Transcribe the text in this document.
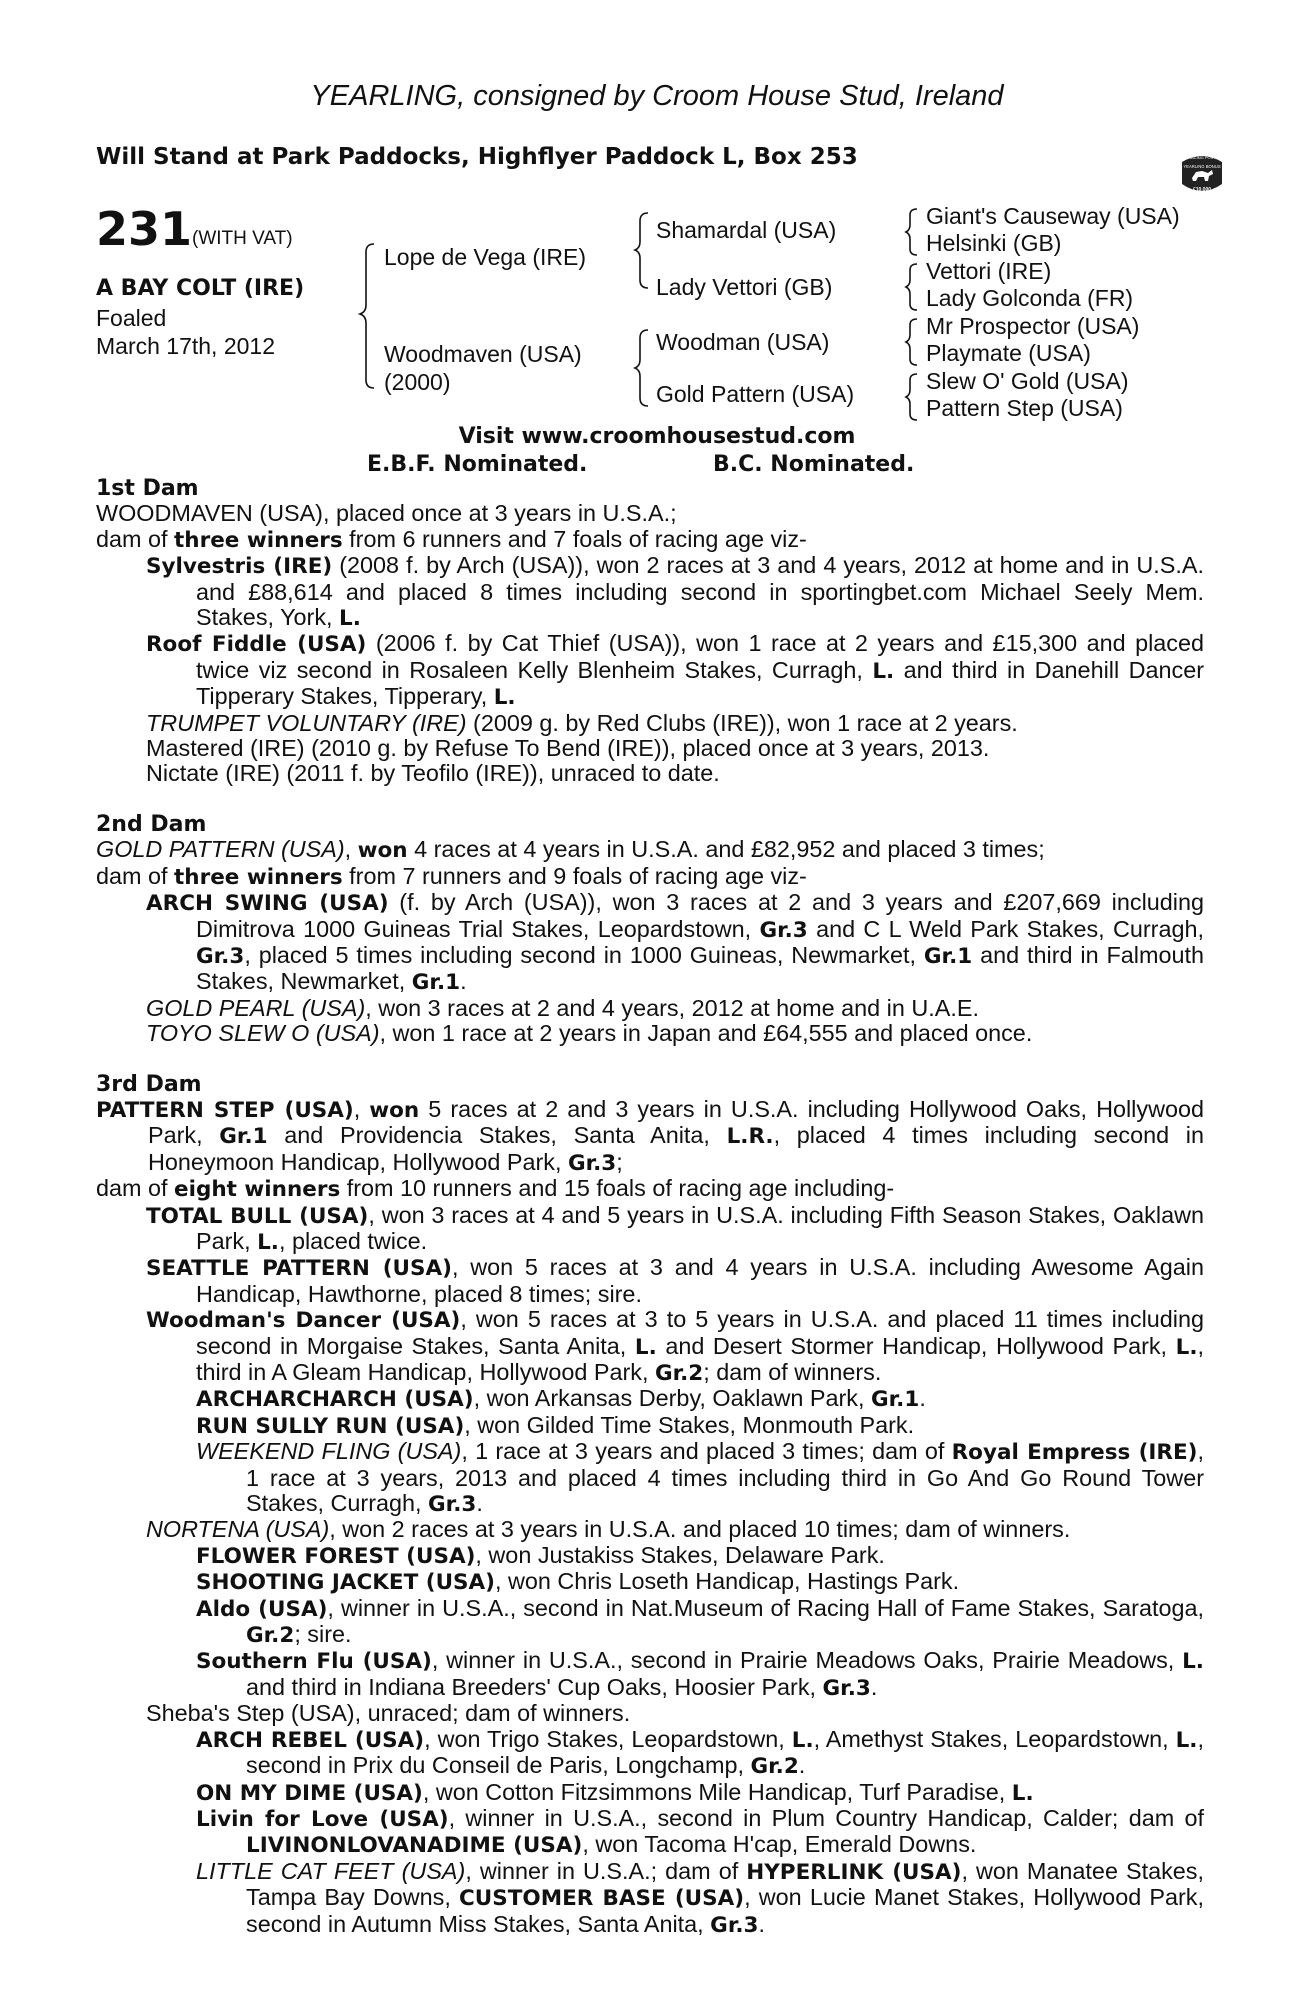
YEARLING, consigned by Croom House Stud, Ireland
Will Stand at Park Paddocks, Highflyer Paddock L, Box 253	RACING POST
YEARLING BONUS
£10,000
231 (WITH VAT)
A BAY COLT (IRE)
Foaled
March 17th, 2012
Lope de Vega (IRE)
Woodmaven (USA)
(2000)
Shamardal (USA)
Lady Vettori (GB)
Woodman (USA)
Gold Pattern (USA)
Giant's Causeway (USA)
Helsinki (GB)
Vettori (IRE)
Lady Golconda (FR)
Mr Prospector (USA)
Playmate (USA)
Slew O' Gold (USA)
Pattern Step (USA)
Visit www.croomhousestud.com
E.B.F. Nominated.	B.C. Nominated.

1st Dam

WOODMAVEN (USA), placed once at 3 years in U.S.A.;

dam of three winners from 6 runners and 7 foals of racing age viz-

Sylvestris (IRE) (2008 f. by Arch (USA)), won 2 races at 3 and 4 years, 2012 at home and in U.S.A. and £88,614 and placed 8 times including second in sportingbet.com Michael Seely Mem. Stakes, York, L.

Roof Fiddle (USA) (2006 f. by Cat Thief (USA)), won 1 race at 2 years and £15,300 and placed twice viz second in Rosaleen Kelly Blenheim Stakes, Curragh, L. and third in Danehill Dancer Tipperary Stakes, Tipperary, L.

TRUMPET VOLUNTARY (IRE) (2009 g. by Red Clubs (IRE)), won 1 race at 2 years.

Mastered (IRE) (2010 g. by Refuse To Bend (IRE)), placed once at 3 years, 2013.

Nictate (IRE) (2011 f. by Teofilo (IRE)), unraced to date.

2nd Dam

GOLD PATTERN (USA), won 4 races at 4 years in U.S.A. and £82,952 and placed 3 times;

dam of three winners from 7 runners and 9 foals of racing age viz-

ARCH SWING (USA) (f. by Arch (USA)), won 3 races at 2 and 3 years and £207,669 including Dimitrova 1000 Guineas Trial Stakes, Leopardstown, Gr.3 and C L Weld Park Stakes, Curragh, Gr.3, placed 5 times including second in 1000 Guineas, Newmarket, Gr.1 and third in Falmouth Stakes, Newmarket, Gr.1.

GOLD PEARL (USA), won 3 races at 2 and 4 years, 2012 at home and in U.A.E.

TOYO SLEW O (USA), won 1 race at 2 years in Japan and £64,555 and placed once.

3rd Dam

PATTERN STEP (USA), won 5 races at 2 and 3 years in U.S.A. including Hollywood Oaks, Hollywood Park, Gr.1 and Providencia Stakes, Santa Anita, L.R., placed 4 times including second in Honeymoon Handicap, Hollywood Park, Gr.3;

dam of eight winners from 10 runners and 15 foals of racing age including-

TOTAL BULL (USA), won 3 races at 4 and 5 years in U.S.A. including Fifth Season Stakes, Oaklawn Park, L., placed twice.

SEATTLE PATTERN (USA), won 5 races at 3 and 4 years in U.S.A. including Awesome Again Handicap, Hawthorne, placed 8 times; sire.

Woodman's Dancer (USA), won 5 races at 3 to 5 years in U.S.A. and placed 11 times including second in Morgaise Stakes, Santa Anita, L. and Desert Stormer Handicap, Hollywood Park, L., third in A Gleam Handicap, Hollywood Park, Gr.2; dam of winners.

ARCHARCHARCH (USA), won Arkansas Derby, Oaklawn Park, Gr.1.

RUN SULLY RUN (USA), won Gilded Time Stakes, Monmouth Park.

WEEKEND FLING (USA), 1 race at 3 years and placed 3 times; dam of Royal Empress (IRE), 1 race at 3 years, 2013 and placed 4 times including third in Go And Go Round Tower Stakes, Curragh, Gr.3.

NORTENA (USA), won 2 races at 3 years in U.S.A. and placed 10 times; dam of winners.

FLOWER FOREST (USA), won Justakiss Stakes, Delaware Park.

SHOOTING JACKET (USA), won Chris Loseth Handicap, Hastings Park.

Aldo (USA), winner in U.S.A., second in Nat.Museum of Racing Hall of Fame Stakes, Saratoga, Gr.2; sire.

Southern Flu (USA), winner in U.S.A., second in Prairie Meadows Oaks, Prairie Meadows, L. and third in Indiana Breeders' Cup Oaks, Hoosier Park, Gr.3.

Sheba's Step (USA), unraced; dam of winners.

ARCH REBEL (USA), won Trigo Stakes, Leopardstown, L., Amethyst Stakes, Leopardstown, L., second in Prix du Conseil de Paris, Longchamp, Gr.2.

ON MY DIME (USA), won Cotton Fitzsimmons Mile Handicap, Turf Paradise, L.

Livin for Love (USA), winner in U.S.A., second in Plum Country Handicap, Calder; dam of LIVINONLOVANADIME (USA), won Tacoma H'cap, Emerald Downs.

LITTLE CAT FEET (USA), winner in U.S.A.; dam of HYPERLINK (USA), won Manatee Stakes, Tampa Bay Downs, CUSTOMER BASE (USA), won Lucie Manet Stakes, Hollywood Park, second in Autumn Miss Stakes, Santa Anita, Gr.3.
